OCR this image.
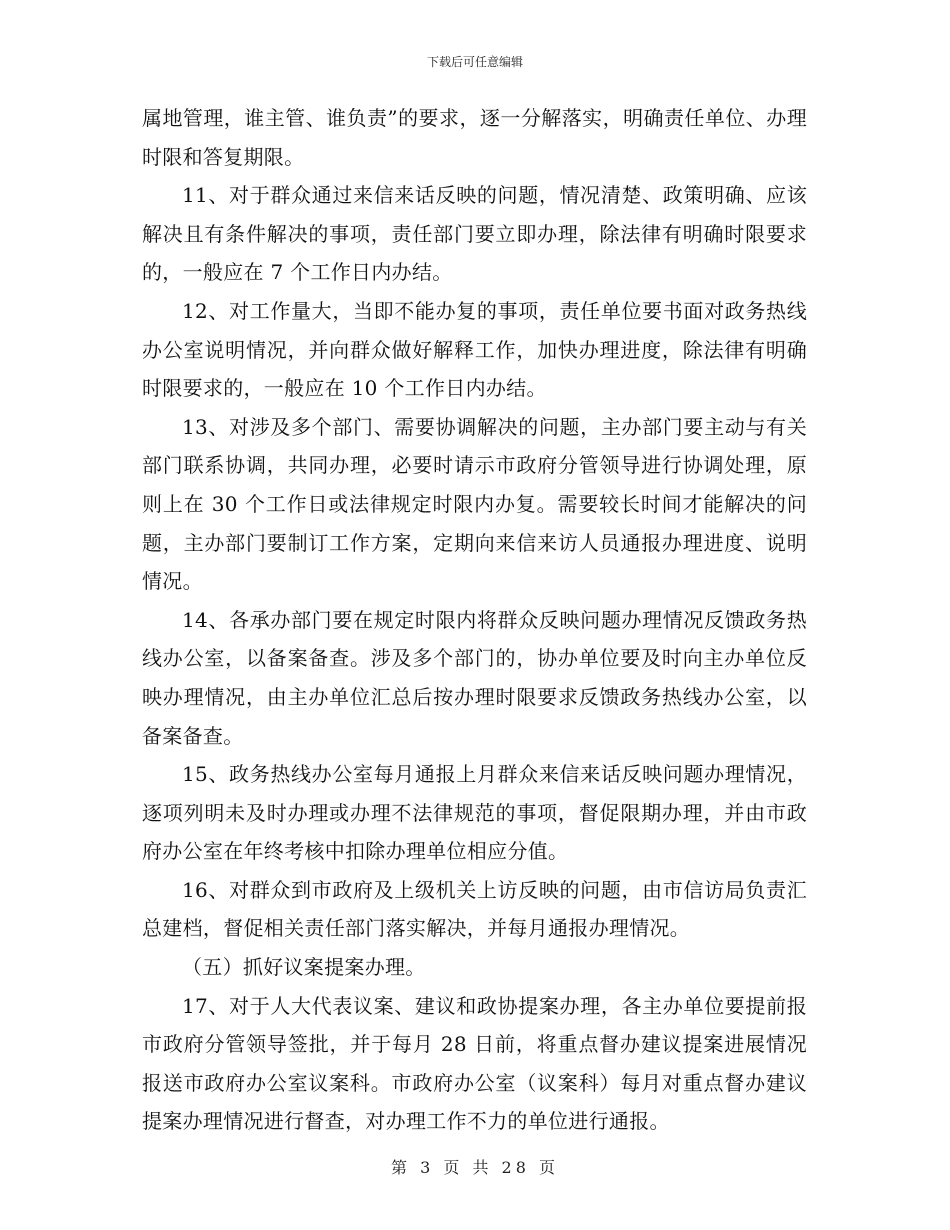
下载后可任意编辑

属地管理，谁主管、谁负责”的要求，逐一分解落实，明确责任单位、办理时限和答复期限。

11、对于群众通过来信来话反映的问题，情况清楚、政策明确、应该解决且有条件解决的事项，责任部门要立即办理，除法律有明确时限要求的，一般应在 7 个工作日内办结。

12、对工作量大，当即不能办复的事项，责任单位要书面对政务热线办公室说明情况，并向群众做好解释工作，加快办理进度，除法律有明确时限要求的，一般应在 10 个工作日内办结。

13、对涉及多个部门、需要协调解决的问题，主办部门要主动与有关部门联系协调，共同办理，必要时请示市政府分管领导进行协调处理，原则上在 30 个工作日或法律规定时限内办复。需要较长时间才能解决的问题，主办部门要制订工作方案，定期向来信来访人员通报办理进度、说明情况。

14、各承办部门要在规定时限内将群众反映问题办理情况反馈政务热线办公室，以备案备查。涉及多个部门的，协办单位要及时向主办单位反映办理情况，由主办单位汇总后按办理时限要求反馈政务热线办公室，以备案备查。

15、政务热线办公室每月通报上月群众来信来话反映问题办理情况，逐项列明未及时办理或办理不法律规范的事项，督促限期办理，并由市政府办公室在年终考核中扣除办理单位相应分值。

16、对群众到市政府及上级机关上访反映的问题，由市信访局负责汇总建档，督促相关责任部门落实解决，并每月通报办理情况。

（五）抓好议案提案办理。

17、对于人大代表议案、建议和政协提案办理，各主办单位要提前报市政府分管领导签批，并于每月 28 日前，将重点督办建议提案进展情况报送市政府办公室议案科。市政府办公室（议案科）每月对重点督办建议提案办理情况进行督查，对办理工作不力的单位进行通报。

第 3 页 共 28 页
